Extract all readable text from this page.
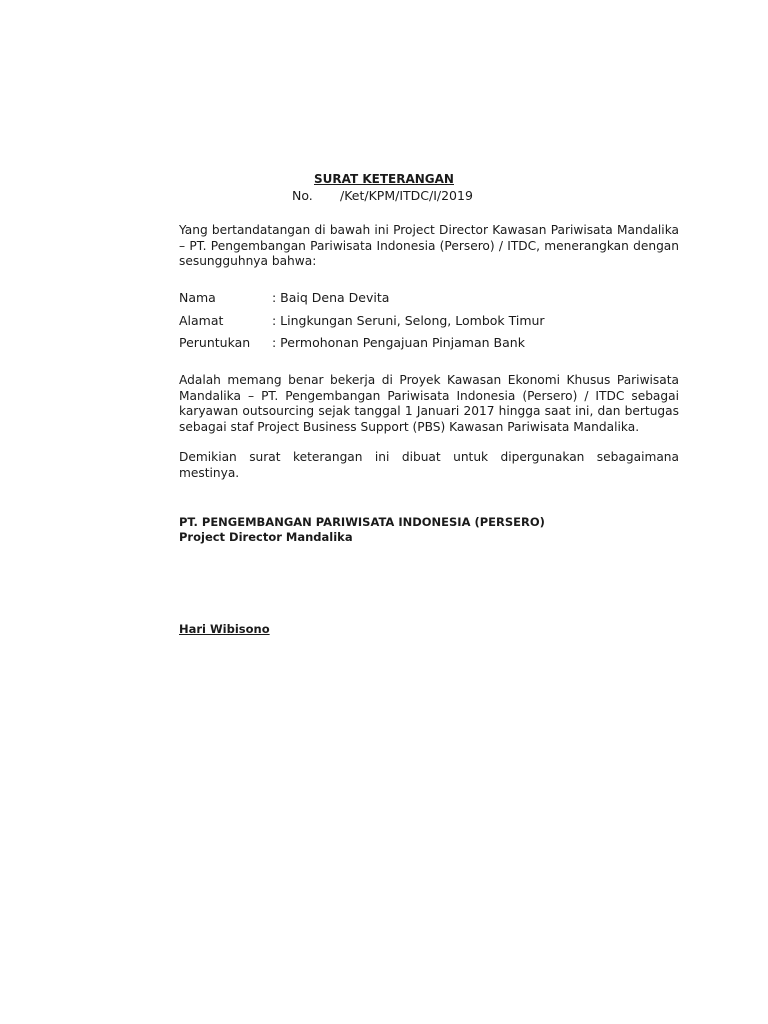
SURAT KETERANGAN
No. /Ket/KPM/ITDC/I/2019
Yang bertandatangan di bawah ini Project Director Kawasan Pariwisata Mandalika – PT. Pengembangan Pariwisata Indonesia (Persero) / ITDC, menerangkan dengan sesungguhnya bahwa:
Nama	: Baiq Dena Devita
Alamat	: Lingkungan Seruni, Selong, Lombok Timur
Peruntukan : Permohonan Pengajuan Pinjaman Bank
Adalah memang benar bekerja di Proyek Kawasan Ekonomi Khusus Pariwisata Mandalika – PT. Pengembangan Pariwisata Indonesia (Persero) / ITDC sebagai karyawan outsourcing sejak tanggal 1 Januari 2017 hingga saat ini, dan bertugas sebagai staf Project Business Support (PBS) Kawasan Pariwisata Mandalika.
Demikian surat keterangan ini dibuat untuk dipergunakan sebagaimana mestinya.
PT. PENGEMBANGAN PARIWISATA INDONESIA (PERSERO)
Project Director Mandalika
Hari Wibisono
